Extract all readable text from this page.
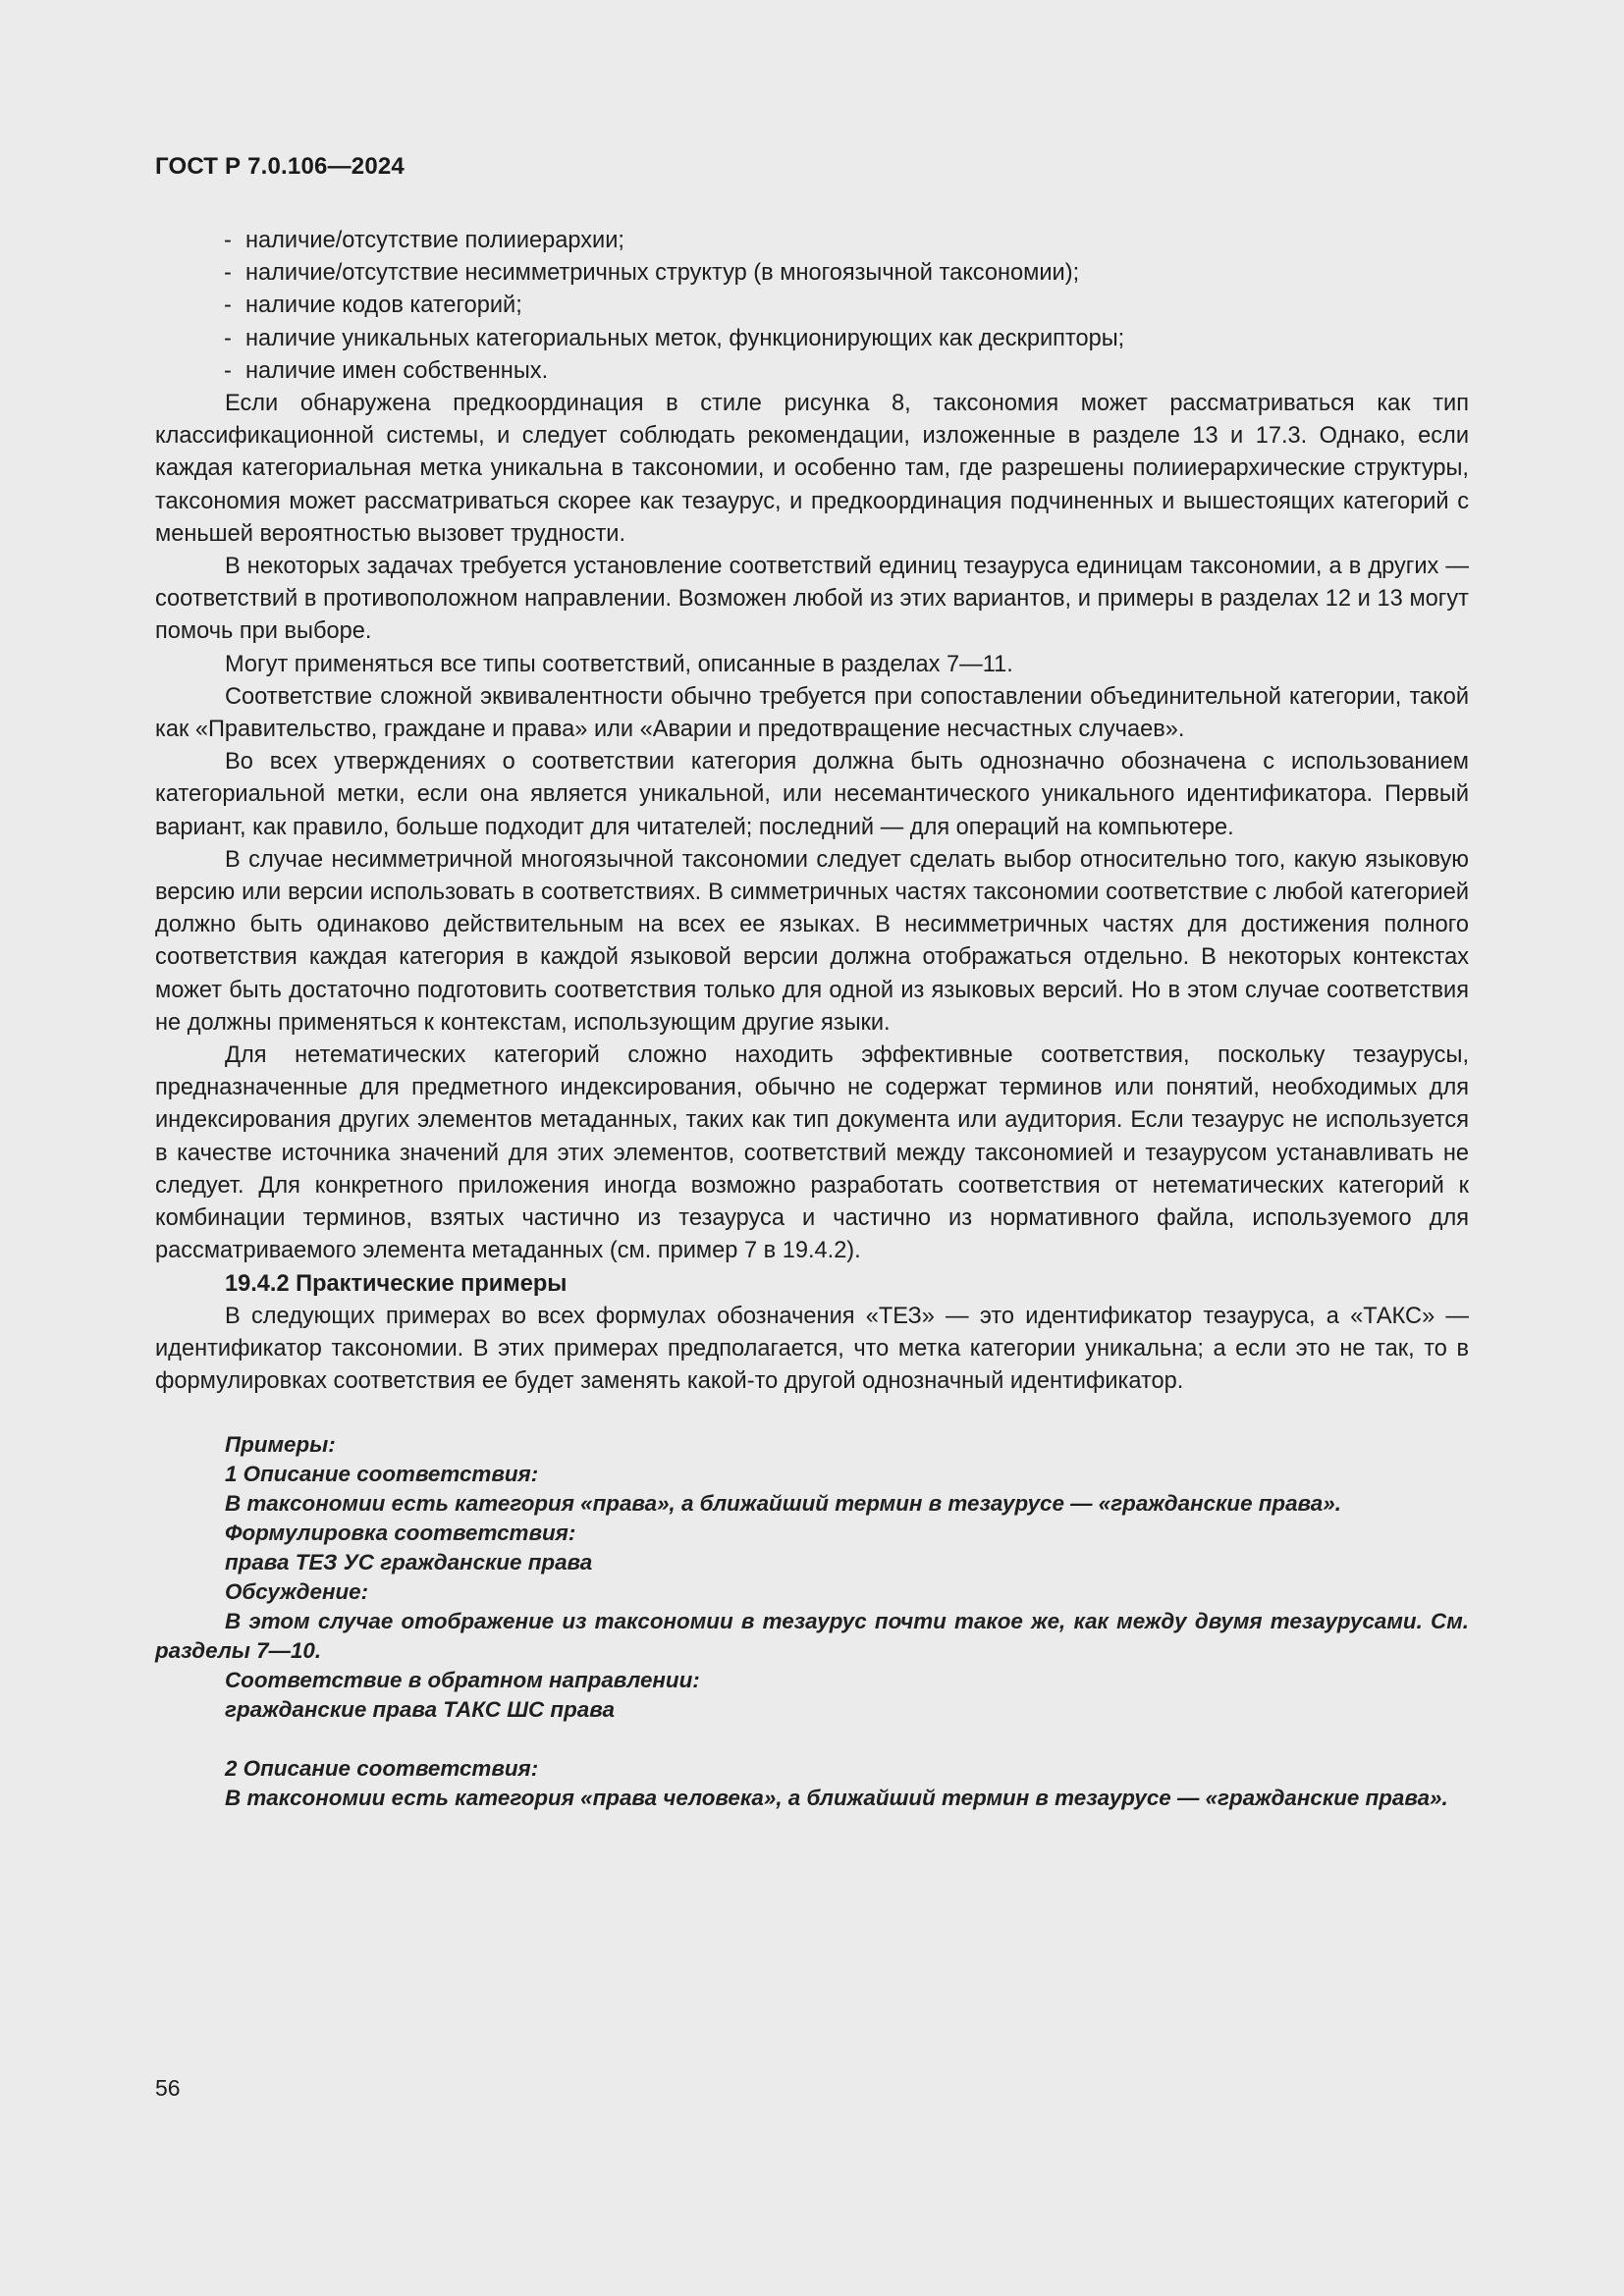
ГОСТ Р 7.0.106—2024
- наличие/отсутствие полииерархии;
- наличие/отсутствие несимметричных структур (в многоязычной таксономии);
- наличие кодов категорий;
- наличие уникальных категориальных меток, функционирующих как дескрипторы;
- наличие имен собственных.

Если обнаружена предкоординация в стиле рисунка 8, таксономия может рассматриваться как тип классификационной системы, и следует соблюдать рекомендации, изложенные в разделе 13 и 17.3. Однако, если каждая категориальная метка уникальна в таксономии, и особенно там, где разрешены полииерархические структуры, таксономия может рассматриваться скорее как тезаурус, и предкоординация подчиненных и вышестоящих категорий с меньшей вероятностью вызовет трудности.

В некоторых задачах требуется установление соответствий единиц тезауруса единицам таксономии, а в других — соответствий в противоположном направлении. Возможен любой из этих вариантов, и примеры в разделах 12 и 13 могут помочь при выборе.

Могут применяться все типы соответствий, описанные в разделах 7—11.

Соответствие сложной эквивалентности обычно требуется при сопоставлении объединительной категории, такой как «Правительство, граждане и права» или «Аварии и предотвращение несчастных случаев».

Во всех утверждениях о соответствии категория должна быть однозначно обозначена с использованием категориальной метки, если она является уникальной, или несемантического уникального идентификатора. Первый вариант, как правило, больше подходит для читателей; последний — для операций на компьютере.

В случае несимметричной многоязычной таксономии следует сделать выбор относительно того, какую языковую версию или версии использовать в соответствиях. В симметричных частях таксономии соответствие с любой категорией должно быть одинаково действительным на всех ее языках. В несимметричных частях для достижения полного соответствия каждая категория в каждой языковой версии должна отображаться отдельно. В некоторых контекстах может быть достаточно подготовить соответствия только для одной из языковых версий. Но в этом случае соответствия не должны применяться к контекстам, использующим другие языки.

Для нетематических категорий сложно находить эффективные соответствия, поскольку тезаурусы, предназначенные для предметного индексирования, обычно не содержат терминов или понятий, необходимых для индексирования других элементов метаданных, таких как тип документа или аудитория. Если тезаурус не используется в качестве источника значений для этих элементов, соответствий между таксономией и тезаурусом устанавливать не следует. Для конкретного приложения иногда возможно разработать соответствия от нетематических категорий к комбинации терминов, взятых частично из тезауруса и частично из нормативного файла, используемого для рассматриваемого элемента метаданных (см. пример 7 в 19.4.2).

19.4.2 Практические примеры

В следующих примерах во всех формулах обозначения «ТЕЗ» — это идентификатор тезауруса, а «ТАКС» — идентификатор таксономии. В этих примерах предполагается, что метка категории уникальна; а если это не так, то в формулировках соответствия ее будет заменять какой-то другой однозначный идентификатор.

Примеры:

1 Описание соответствия:

В таксономии есть категория «права», а ближайший термин в тезаурусе — «гражданские права».

Формулировка соответствия:

права ТЕЗ УС гражданские права

Обсуждение:

В этом случае отображение из таксономии в тезаурус почти такое же, как между двумя тезаурусами. См. разделы 7—10.

Соответствие в обратном направлении:

гражданские права ТАКС ШС права

2 Описание соответствия:

В таксономии есть категория «права человека», а ближайший термин в тезаурусе — «гражданские права».

56
